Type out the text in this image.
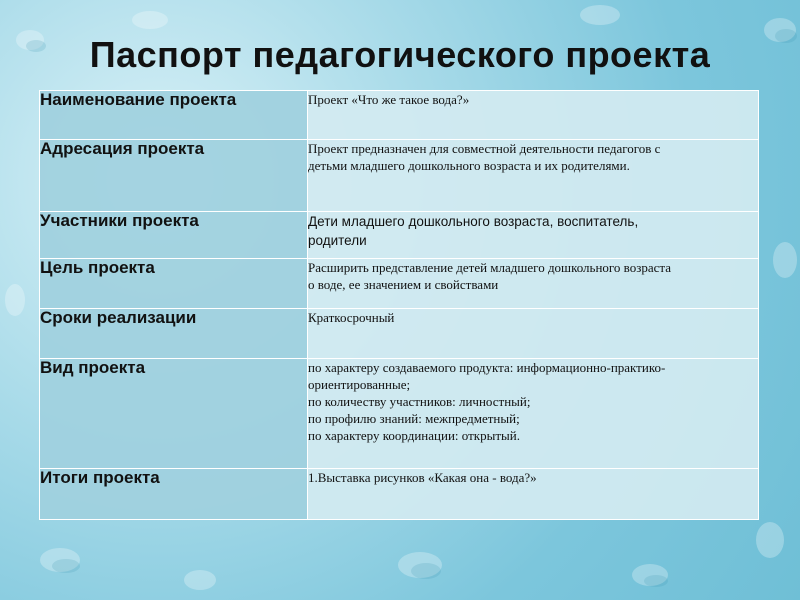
Паспорт педагогического проекта
Наименование проекта	Проект «Что же такое вода?»

Адресация проекта	Проект предназначен для совместной деятельности педагогов с
детьми младшего дошкольного возраста и их родителями.

Участники проекта	Дети младшего дошкольного возраста, воспитатель,
родители

Цель проекта	Расширить представление детей младшего дошкольного возраста
о воде, ее значением и свойствами

Сроки реализации	Краткосрочный

Вид проекта	по характеру создаваемого продукта: информационно-практико-
ориентированные;
по количеству участников: личностный;
по профилю знаний: межпредметный;
по характеру координации: открытый.

Итоги проекта	1.Выставка рисунков «Какая она - вода?»
